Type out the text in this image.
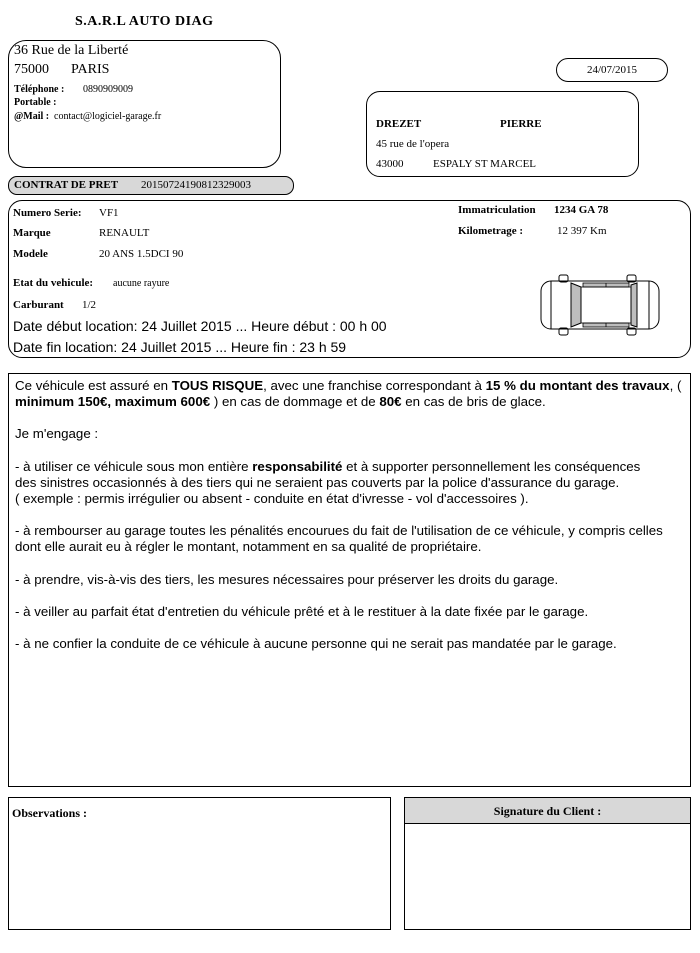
S.A.R.L AUTO DIAG
36 Rue de la Liberté
75000 PARIS
Téléphone : 0890909009
Portable :
@Mail : contact@logiciel-garage.fr
24/07/2015
DREZET	PIERRE
45 rue de l'opera
43000	ESPALY ST MARCEL
CONTRAT DE PRET 20150724190812329003
Numero Serie: VF1
Marque	RENAULT
Modele	20 ANS 1.5DCI 90
Immatriculation 1234 GA 78
Kilometrage :	12 397 Km
Etat du vehicule: aucune rayure
Carburant 1/2
Date début location: 24 Juillet 2015 ... Heure début : 00 h 00
Date fin location: 24 Juillet 2015 ... Heure fin : 23 h 59

Ce véhicule est assuré en TOUS RISQUE, avec une franchise correspondant à 15 % du montant des travaux, ( minimum 150€, maximum 600€ ) en cas de dommage et de 80€ en cas de bris de glace.

Je m'engage :

- à utiliser ce véhicule sous mon entière responsabilité et à supporter personnellement les conséquences
des sinistres occasionnés à des tiers qui ne seraient pas couverts par la police d'assurance du garage.
( exemple : permis irrégulier ou absent - conduite en état d'ivresse - vol d'accessoires ).

- à rembourser au garage toutes les pénalités encourues du fait de l'utilisation de ce véhicule, y compris celles dont elle aurait eu à régler le montant, notamment en sa qualité de propriétaire.

- à prendre, vis-à-vis des tiers, les mesures nécessaires pour préserver les droits du garage.

- à veiller au parfait état d'entretien du véhicule prêté et à le restituer à la date fixée par le garage.

- à ne confier la conduite de ce véhicule à aucune personne qui ne serait pas mandatée par le garage.

Observations :	Signature du Client :
